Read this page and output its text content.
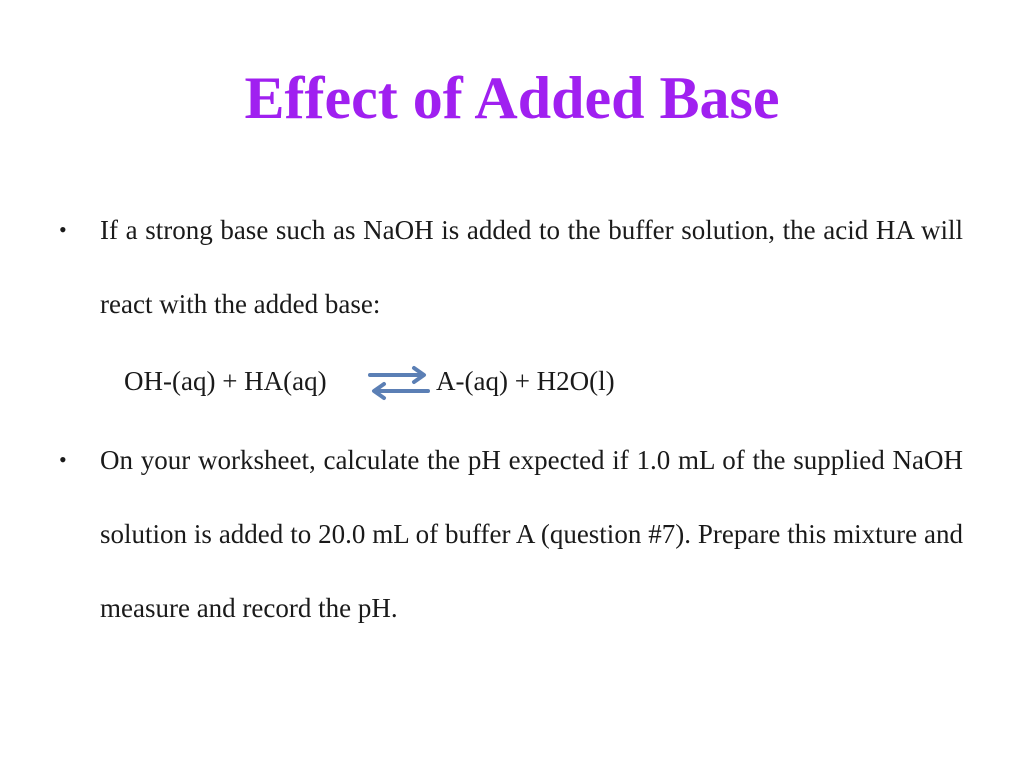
Effect of Added Base
• If a strong base such as NaOH is added to the buffer solution, the acid HA will react with the added base:

OH-(aq) + HA(aq) ⇌ A-(aq) + H2O(l)
• On your worksheet, calculate the pH expected if 1.0 mL of the supplied NaOH solution is added to 20.0 mL of buffer A (question #7). Prepare this mixture and measure and record the pH.
